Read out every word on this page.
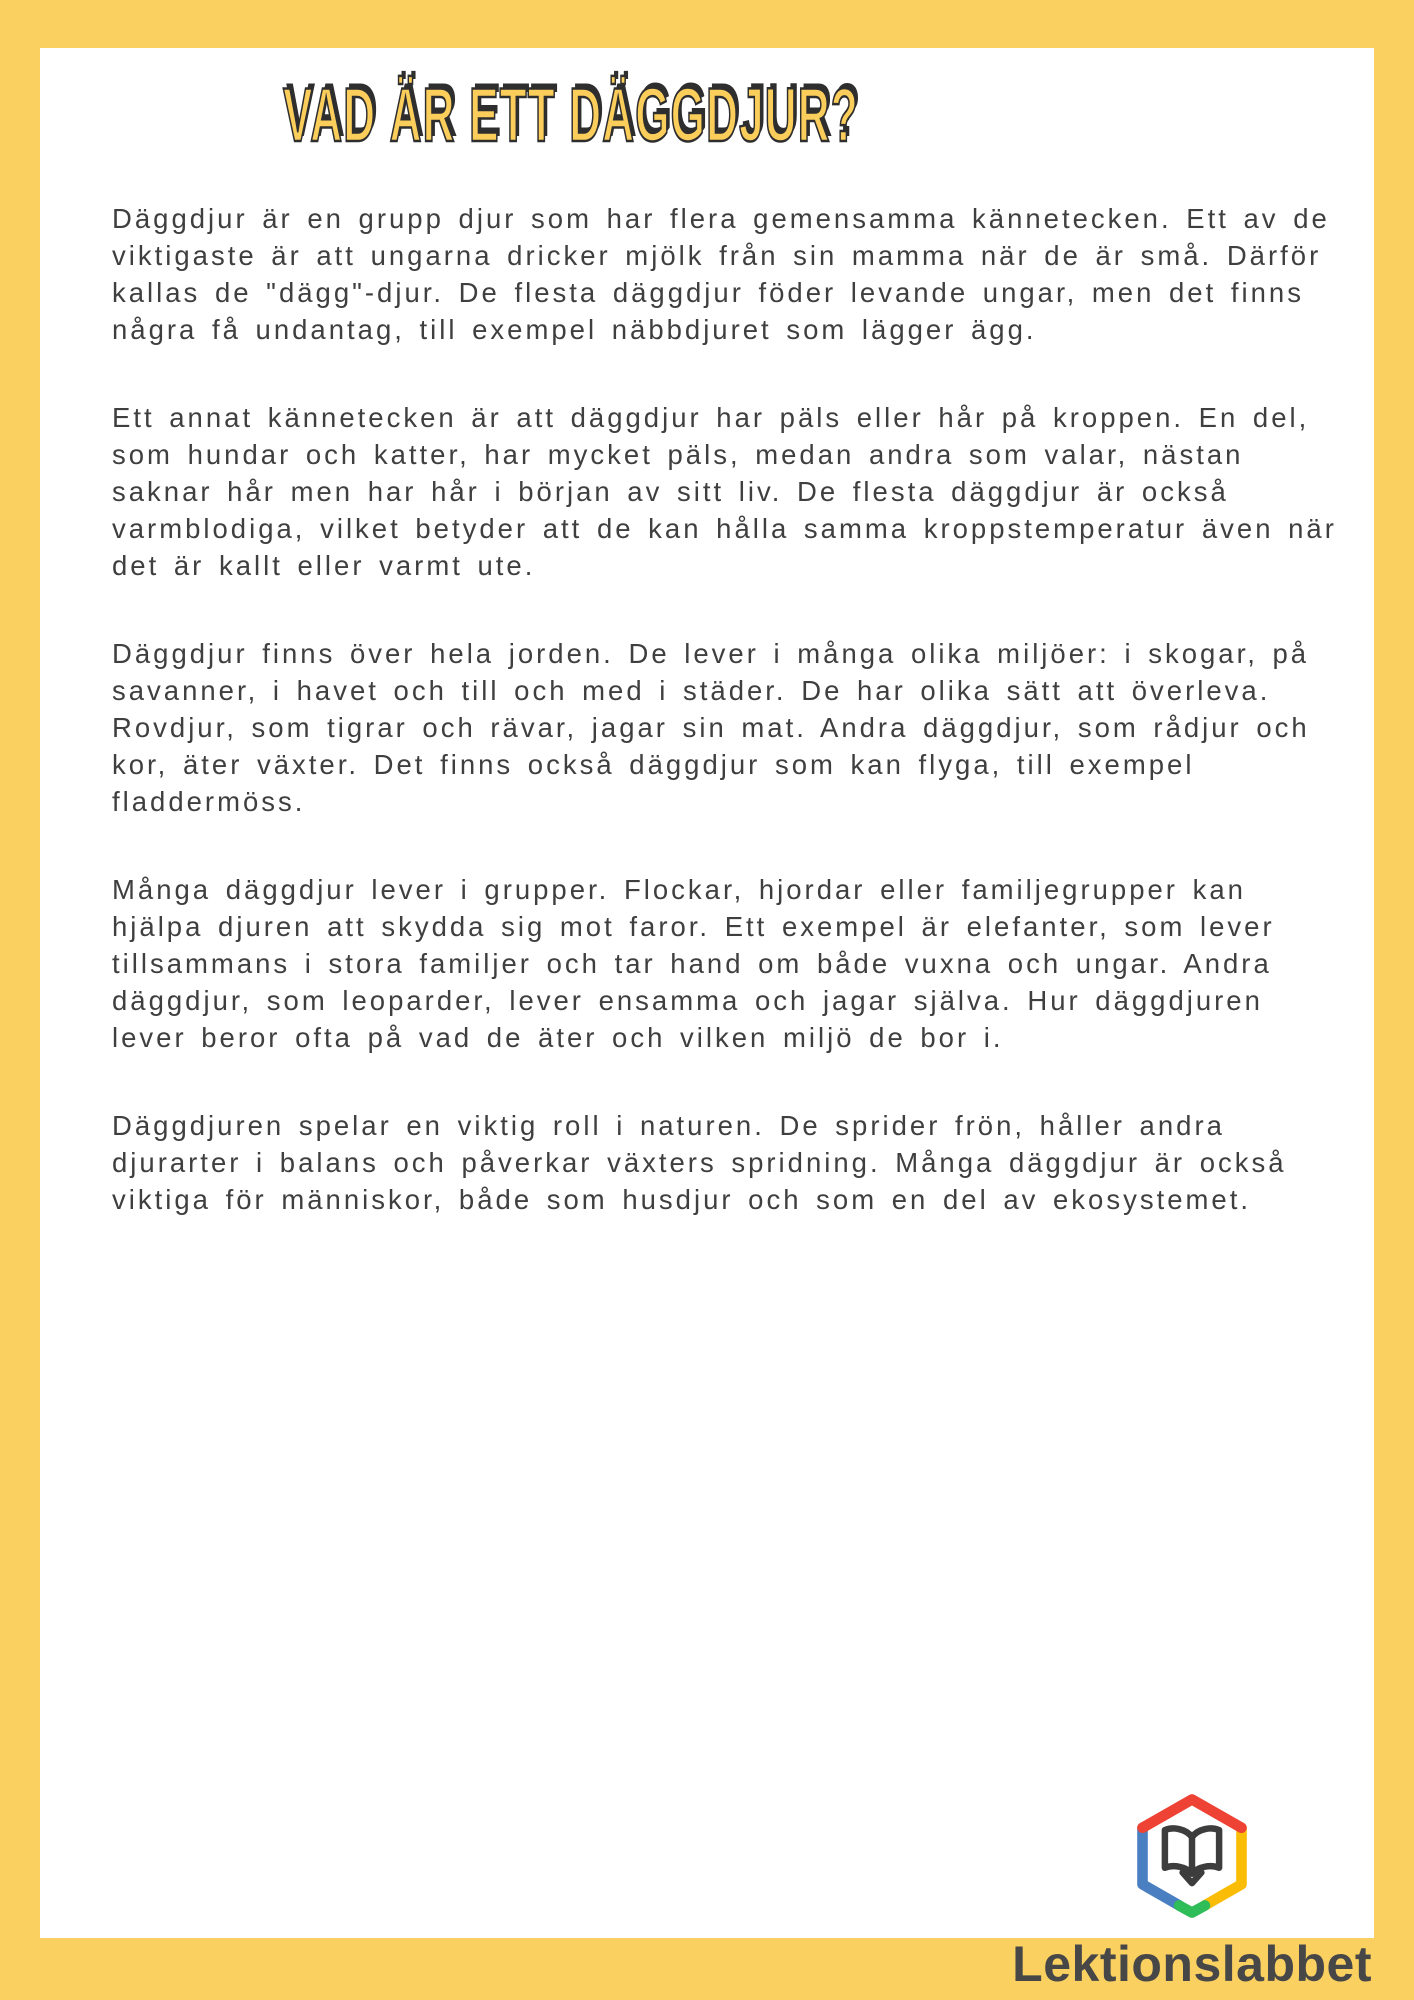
VAD ÄR ETT DÄGGDJUR?

Däggdjur är en grupp djur som har flera gemensamma kännetecken. Ett av de viktigaste är att ungarna dricker mjölk från sin mamma när de är små. Därför kallas de "dägg"-djur. De flesta däggdjur föder levande ungar, men det finns några få undantag, till exempel näbbdjuret som lägger ägg.

Ett annat kännetecken är att däggdjur har päls eller hår på kroppen. En del, som hundar och katter, har mycket päls, medan andra som valar, nästan saknar hår men har hår i början av sitt liv. De flesta däggdjur är också varmblodiga, vilket betyder att de kan hålla samma kroppstemperatur även när det är kallt eller varmt ute.

Däggdjur finns över hela jorden. De lever i många olika miljöer: i skogar, på savanner, i havet och till och med i städer. De har olika sätt att överleva. Rovdjur, som tigrar och rävar, jagar sin mat. Andra däggdjur, som rådjur och kor, äter växter. Det finns också däggdjur som kan flyga, till exempel fladdermöss.

Många däggdjur lever i grupper. Flockar, hjordar eller familjegrupper kan hjälpa djuren att skydda sig mot faror. Ett exempel är elefanter, som lever tillsammans i stora familjer och tar hand om både vuxna och ungar. Andra däggdjur, som leoparder, lever ensamma och jagar själva. Hur däggdjuren lever beror ofta på vad de äter och vilken miljö de bor i.

Däggdjuren spelar en viktig roll i naturen. De sprider frön, håller andra djurarter i balans och påverkar växters spridning. Många däggdjur är också viktiga för människor, både som husdjur och som en del av ekosystemet.

Lektionslabbet
